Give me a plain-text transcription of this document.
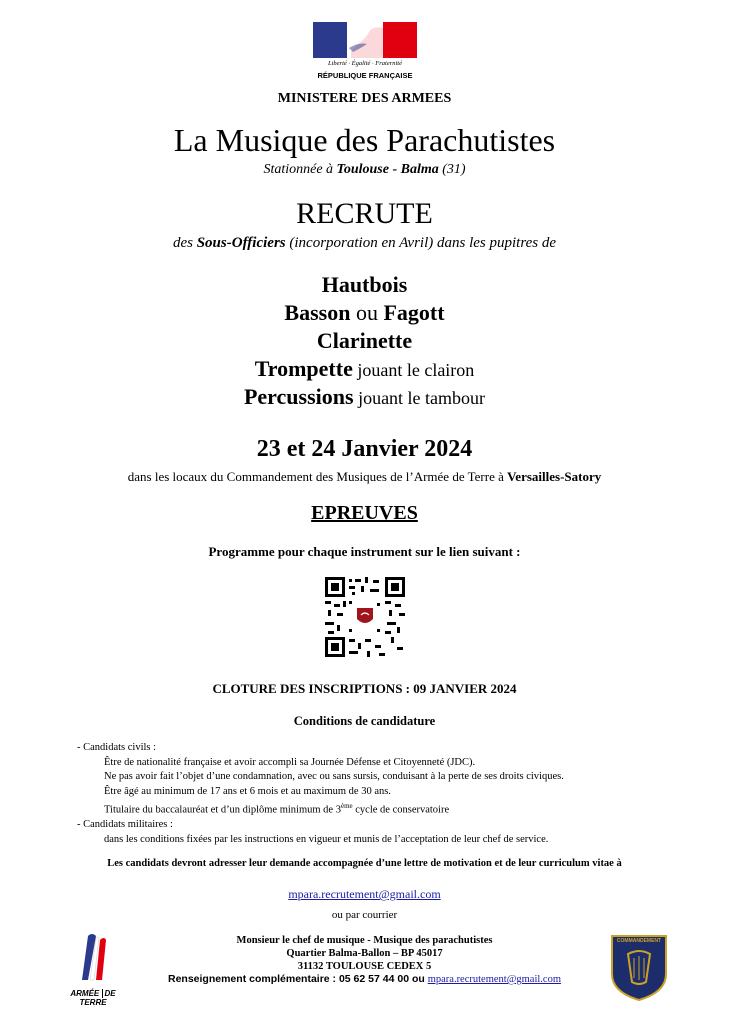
Liberté · Égalité · Fraternité
RÉPUBLIQUE FRANÇAISE
MINISTERE DES ARMEES
La Musique des Parachutistes
Stationnée à Toulouse - Balma (31)
RECRUTE
des Sous-Officiers (incorporation en Avril) dans les pupitres de
Hautbois
Basson ou Fagott
Clarinette
Trompette jouant le clairon
Percussions jouant le tambour
23 et 24 Janvier 2024
dans les locaux du Commandement des Musiques de l’Armée de Terre à Versailles-Satory
EPREUVES
Programme pour chaque instrument sur le lien suivant :
CLOTURE DES INSCRIPTIONS : 09 JANVIER 2024
Conditions de candidature
- Candidats civils :
Être de nationalité française et avoir accompli sa Journée Défense et Citoyenneté (JDC).
Ne pas avoir fait l’objet d’une condamnation, avec ou sans sursis, conduisant à la perte de ses droits civiques.
Être âgé au minimum de 17 ans et 6 mois et au maximum de 30 ans.
Titulaire du baccalauréat et d’un diplôme minimum de 3ème cycle de conservatoire
- Candidats militaires :
dans les conditions fixées par les instructions en vigueur et munis de l’acceptation de leur chef de service.
Les candidats devront adresser leur demande accompagnée d’une lettre de motivation et de leur curriculum vitae à
mpara.recrutement@gmail.com
ou par courrier
Monsieur le chef de musique - Musique des parachutistes
Quartier Balma-Ballon – BP 45017
31132 TOULOUSE CEDEX 5
Renseignement complémentaire : 05 62 57 44 00 ou mpara.recrutement@gmail.com
ARMÉE DE TERRE
COMMANDEMENT
